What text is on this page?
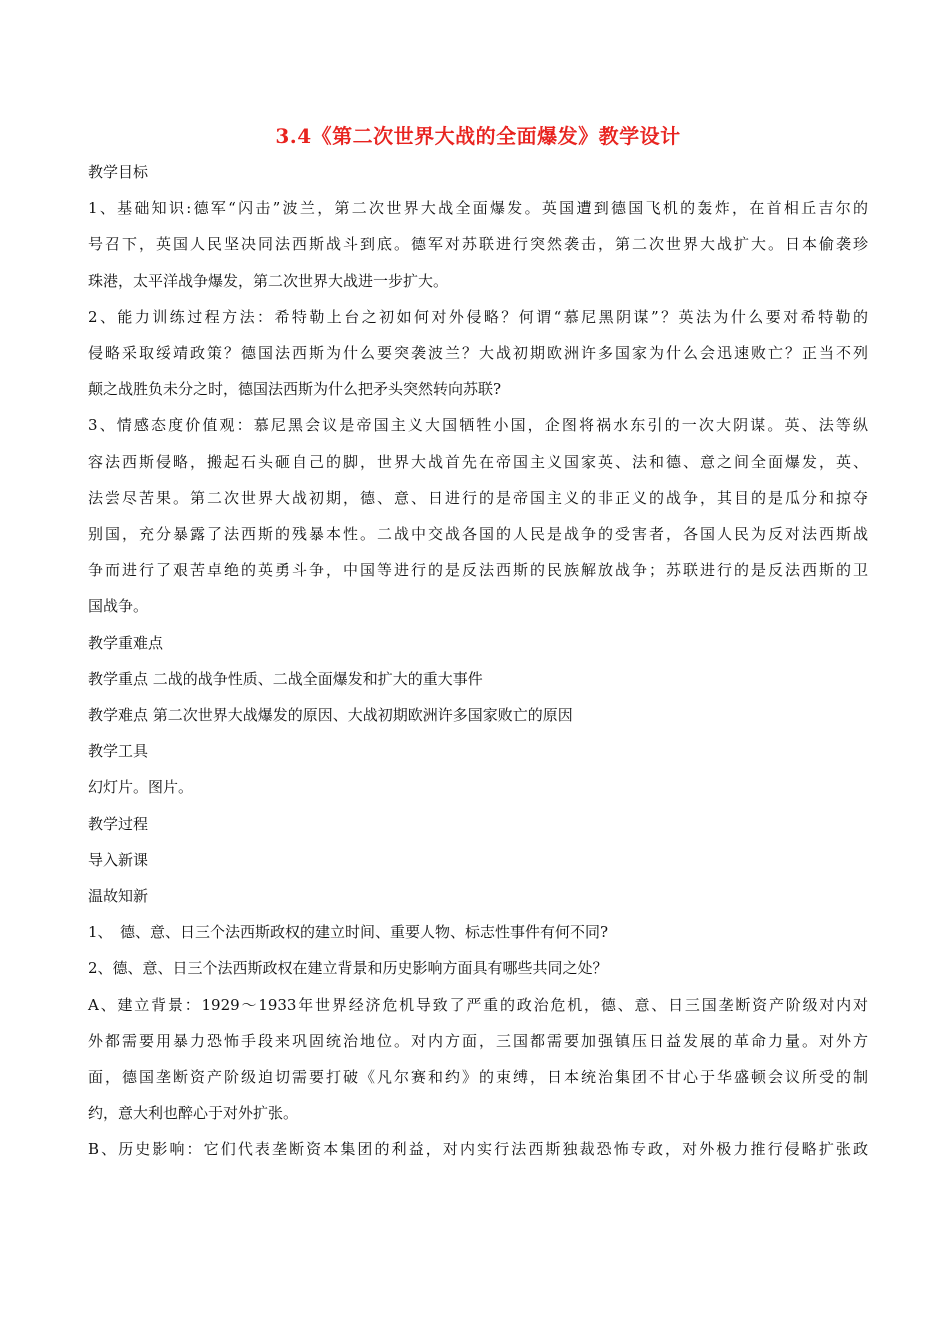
3.4《第二次世界大战的全面爆发》教学设计

教学目标

1、基础知识:德军“闪击”波兰，第二次世界大战全面爆发。英国遭到德国飞机的轰炸，在首相丘吉尔的

号召下，英国人民坚决同法西斯战斗到底。德军对苏联进行突然袭击，第二次世界大战扩大。日本偷袭珍

珠港，太平洋战争爆发，第二次世界大战进一步扩大。

2、能力训练过程方法：希特勒上台之初如何对外侵略？何谓“慕尼黑阴谋”？英法为什么要对希特勒的

侵略采取绥靖政策？德国法西斯为什么要突袭波兰？大战初期欧洲许多国家为什么会迅速败亡？正当不列

颠之战胜负未分之时，德国法西斯为什么把矛头突然转向苏联?

3、情感态度价值观：慕尼黑会议是帝国主义大国牺牲小国，企图将祸水东引的一次大阴谋。英、法等纵

容法西斯侵略，搬起石头砸自己的脚，世界大战首先在帝国主义国家英、法和德、意之间全面爆发，英、

法尝尽苦果。第二次世界大战初期，德、意、日进行的是帝国主义的非正义的战争，其目的是瓜分和掠夺

别国，充分暴露了法西斯的残暴本性。二战中交战各国的人民是战争的受害者，各国人民为反对法西斯战

争而进行了艰苦卓绝的英勇斗争，中国等进行的是反法西斯的民族解放战争；苏联进行的是反法西斯的卫

国战争。

教学重难点

教学重点 二战的战争性质、二战全面爆发和扩大的重大事件

教学难点 第二次世界大战爆发的原因、大战初期欧洲许多国家败亡的原因

教学工具

幻灯片。图片。

教学过程

导入新课

温故知新

1、　德、意、日三个法西斯政权的建立时间、重要人物、标志性事件有何不同?

2、德、意、日三个法西斯政权在建立背景和历史影响方面具有哪些共同之处？

A、建立背景：1929～1933年世界经济危机导致了严重的政治危机，德、意、日三国垄断资产阶级对内对

外都需要用暴力恐怖手段来巩固统治地位。对内方面，三国都需要加强镇压日益发展的革命力量。对外方

面，德国垄断资产阶级迫切需要打破《凡尔赛和约》的束缚，日本统治集团不甘心于华盛顿会议所受的制

约，意大利也醉心于对外扩张。

B、历史影响：它们代表垄断资本集团的利益，对内实行法西斯独裁恐怖专政，对外极力推行侵略扩张政
